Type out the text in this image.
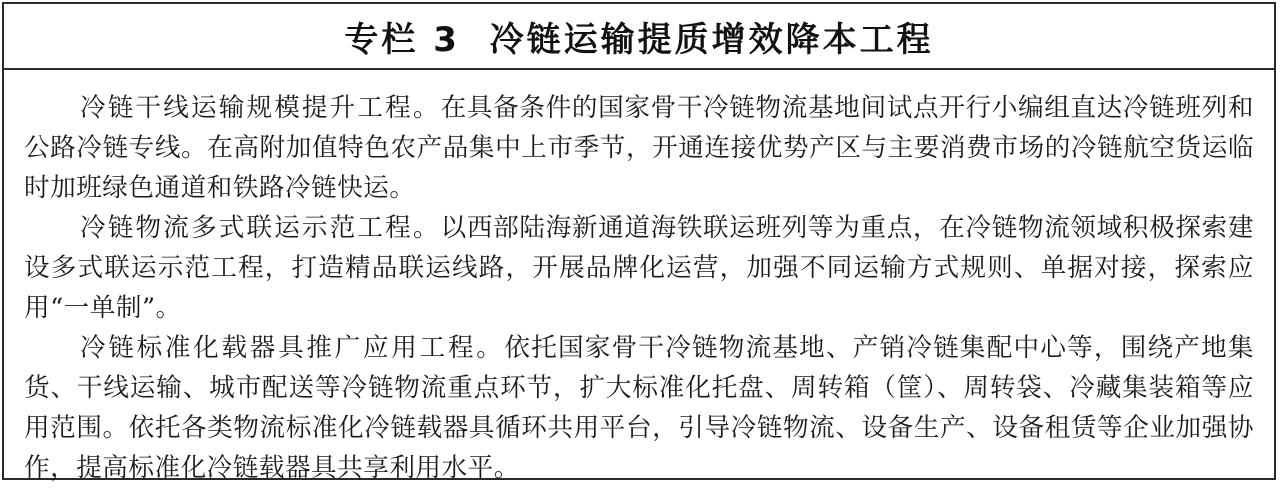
专栏 3  冷链运输提质增效降本工程

冷链干线运输规模提升工程。在具备条件的国家骨干冷链物流基地间试点开行小编组直达冷链班列和公路冷链专线。在高附加值特色农产品集中上市季节，开通连接优势产区与主要消费市场的冷链航空货运临时加班绿色通道和铁路冷链快运。

冷链物流多式联运示范工程。以西部陆海新通道海铁联运班列等为重点，在冷链物流领域积极探索建设多式联运示范工程，打造精品联运线路，开展品牌化运营，加强不同运输方式规则、单据对接，探索应用“一单制”。

冷链标准化载器具推广应用工程。依托国家骨干冷链物流基地、产销冷链集配中心等，围绕产地集货、干线运输、城市配送等冷链物流重点环节，扩大标准化托盘、周转箱（筐）、周转袋、冷藏集装箱等应用范围。依托各类物流标准化冷链载器具循环共用平台，引导冷链物流、设备生产、设备租赁等企业加强协作，提高标准化冷链载器具共享利用水平。
